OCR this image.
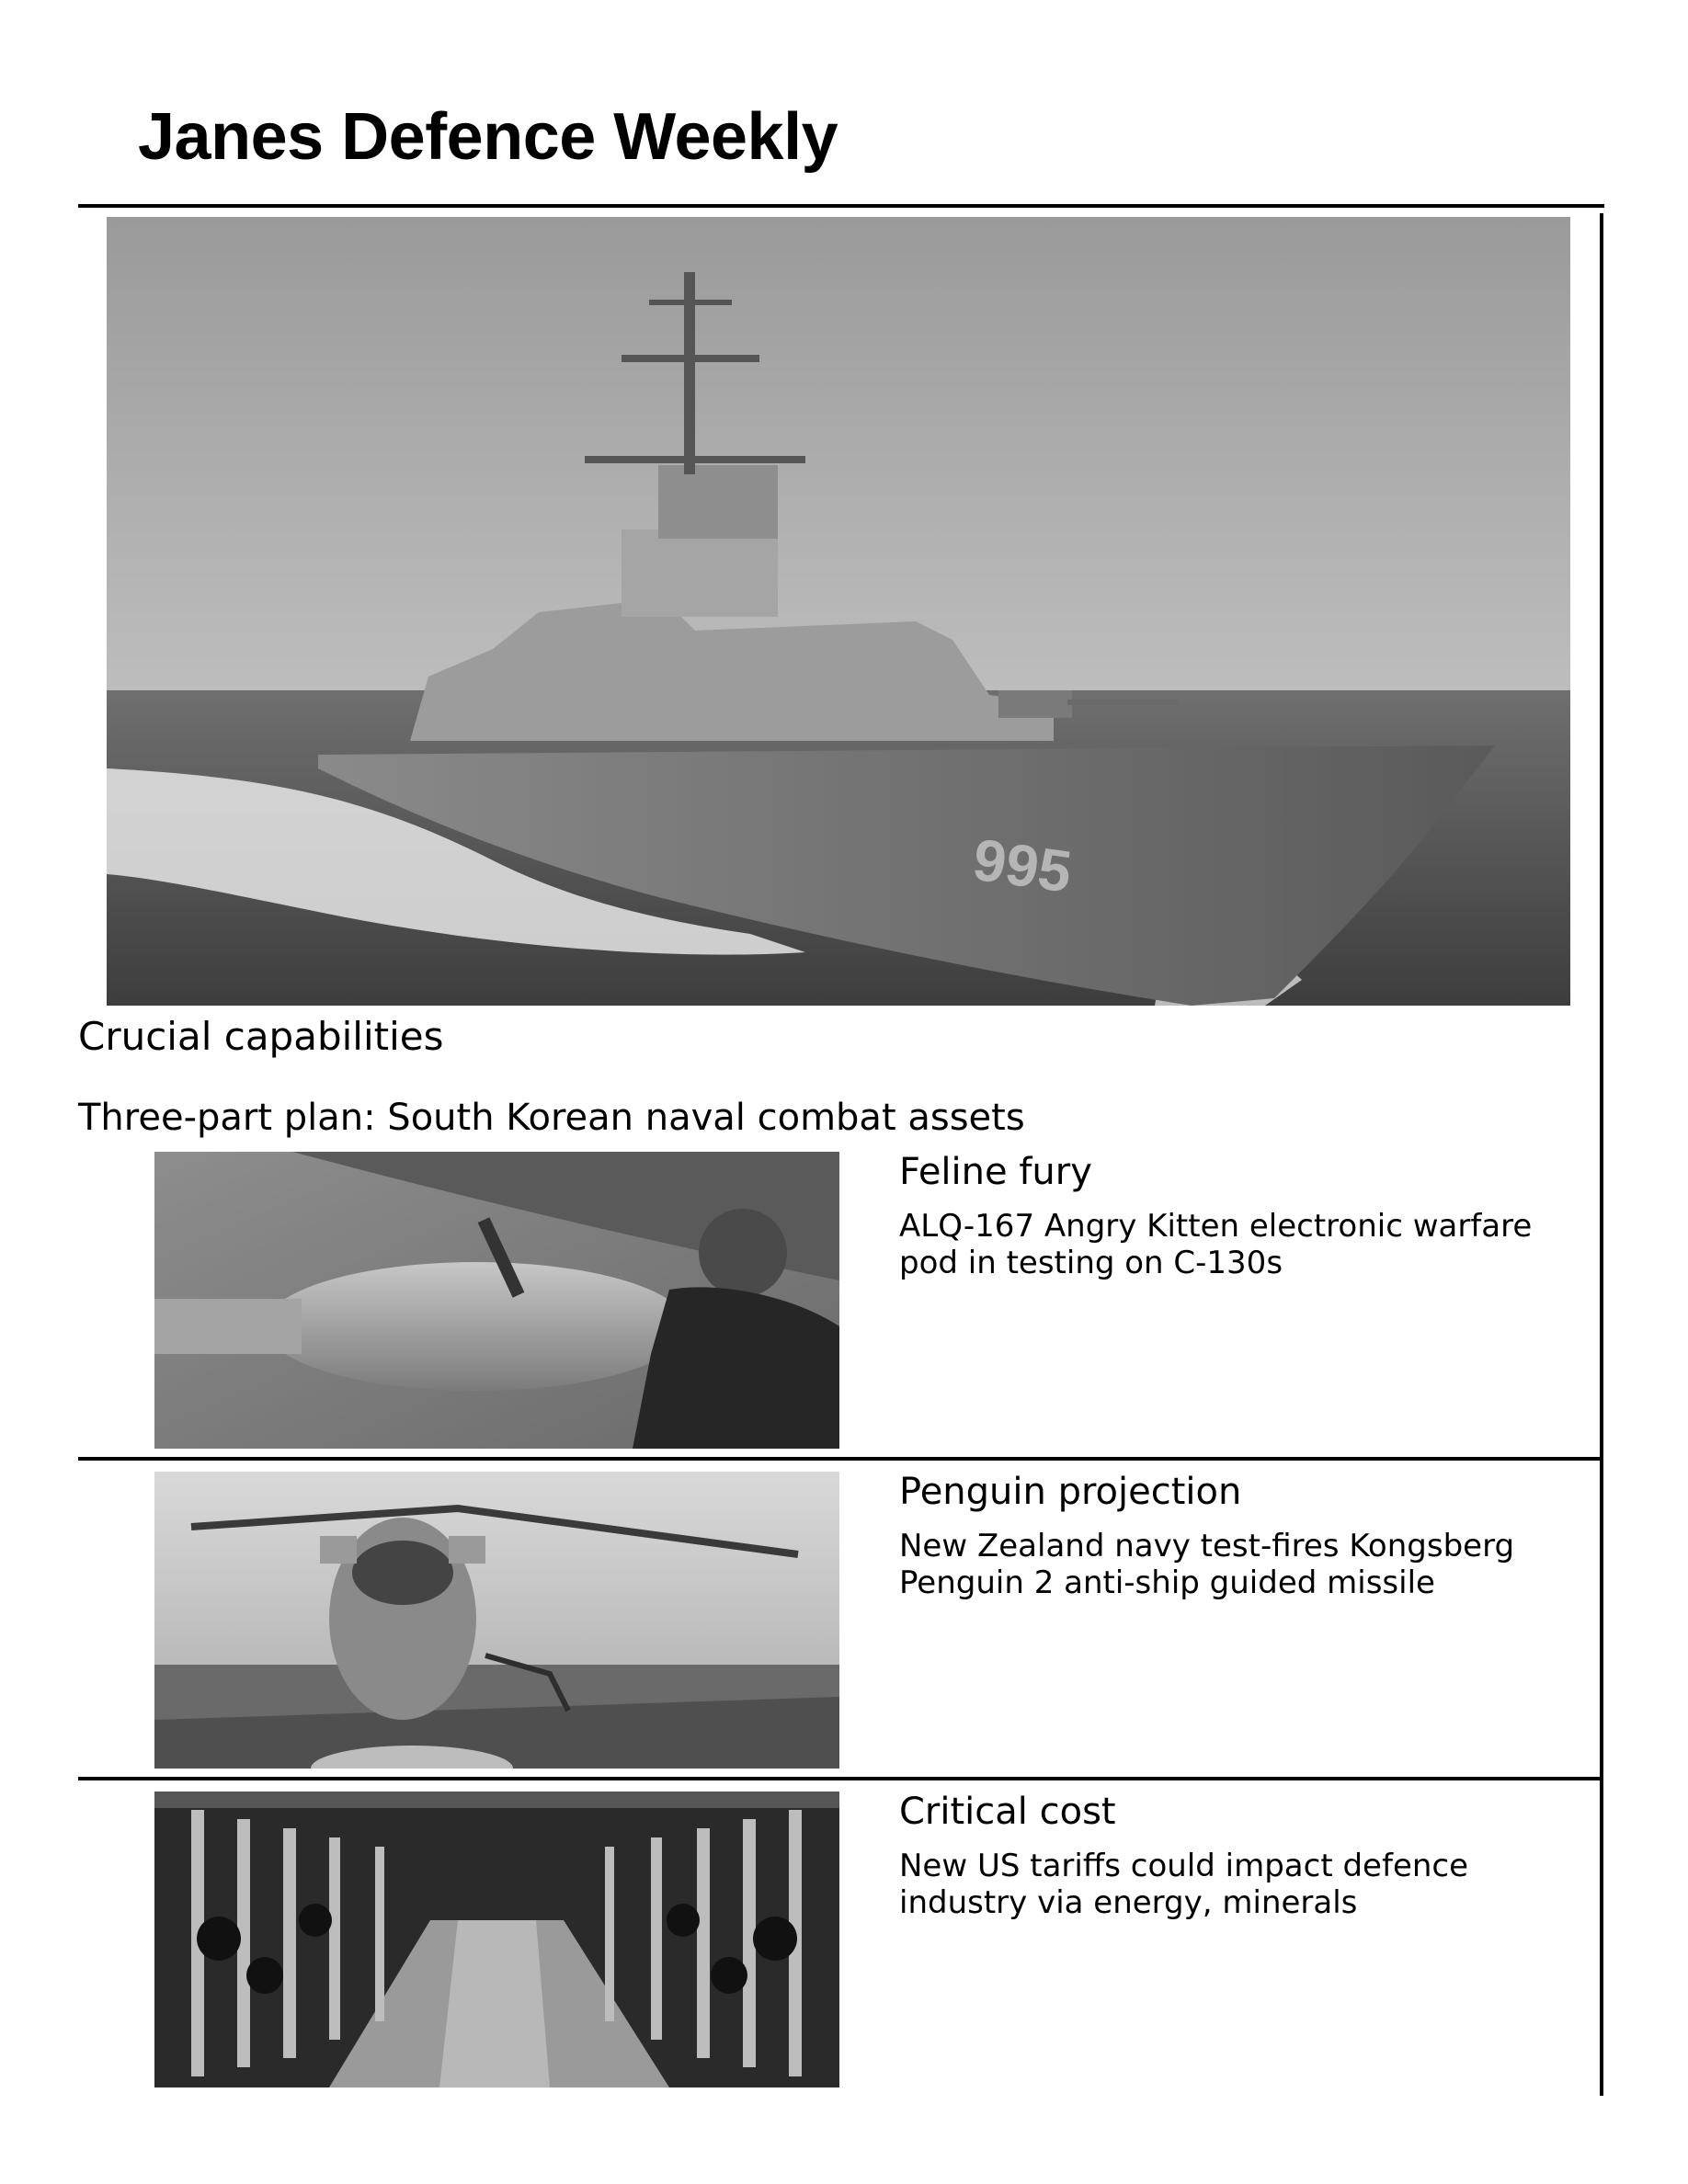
Janes Defence Weekly
995
Crucial capabilities
Three-part plan: South Korean naval combat assets
Feline fury
ALQ-167 Angry Kitten electronic warfare pod in testing on C-130s
Penguin projection
New Zealand navy test-fires Kongsberg Penguin 2 anti-ship guided missile
Critical cost
New US tariffs could impact defence industry via energy, minerals
